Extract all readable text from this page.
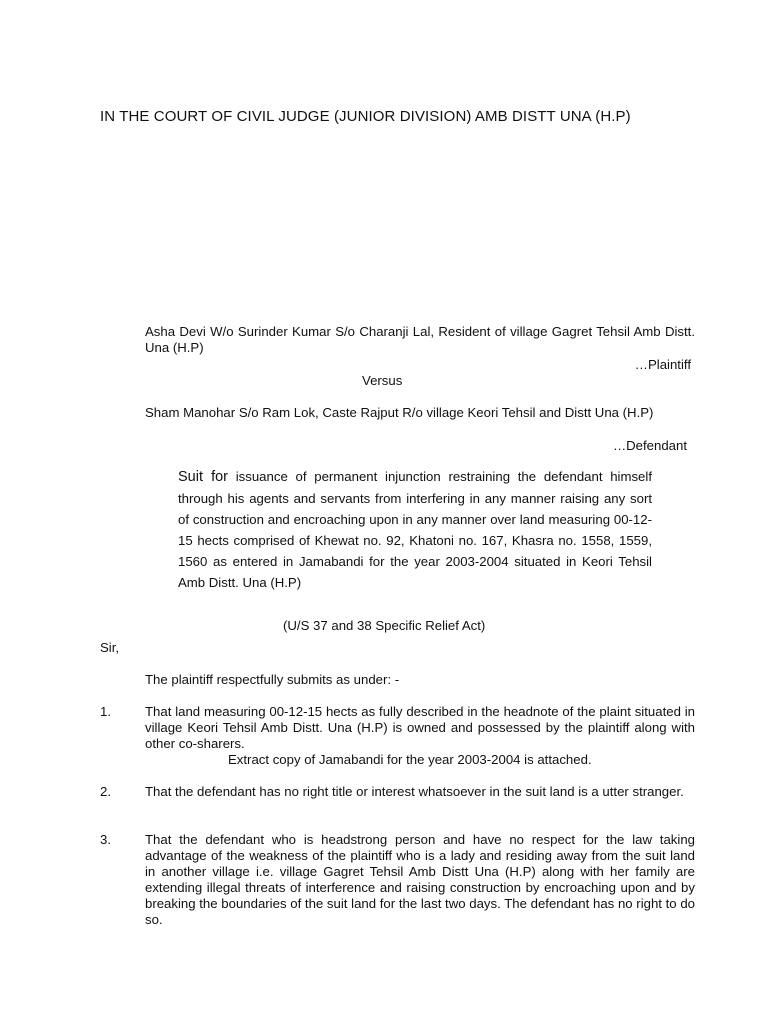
IN THE COURT OF CIVIL JUDGE (JUNIOR DIVISION) AMB DISTT UNA (H.P)
Asha Devi W/o Surinder Kumar S/o Charanji Lal, Resident of village Gagret Tehsil Amb Distt. Una (H.P)
…Plaintiff
Versus
Sham Manohar S/o Ram Lok, Caste Rajput R/o village Keori Tehsil and Distt Una (H.P)
…Defendant
Suit for issuance of permanent injunction restraining the defendant himself through his agents and servants from interfering in any manner raising any sort of construction and encroaching upon in any manner over land measuring 00-12-15 hects comprised of Khewat no. 92, Khatoni no. 167, Khasra no. 1558, 1559, 1560 as entered in Jamabandi for the year 2003-2004 situated in Keori Tehsil Amb Distt. Una (H.P)
(U/S 37 and 38 Specific Relief Act)
Sir,
The plaintiff respectfully submits as under: -
1.	That land measuring 00-12-15 hects as fully described in the headnote of the plaint situated in village Keori Tehsil Amb Distt. Una (H.P) is owned and possessed by the plaintiff along with other co-sharers.
Extract copy of Jamabandi for the year 2003-2004 is attached.
2.	That the defendant has no right title or interest whatsoever in the suit land is a utter stranger.
3.	That the defendant who is headstrong person and have no respect for the law taking advantage of the weakness of the plaintiff who is a lady and residing away from the suit land in another village i.e. village Gagret Tehsil Amb Distt Una (H.P) along with her family are extending illegal threats of interference and raising construction by encroaching upon and by breaking the boundaries of the suit land for the last two days. The defendant has no right to do so.
